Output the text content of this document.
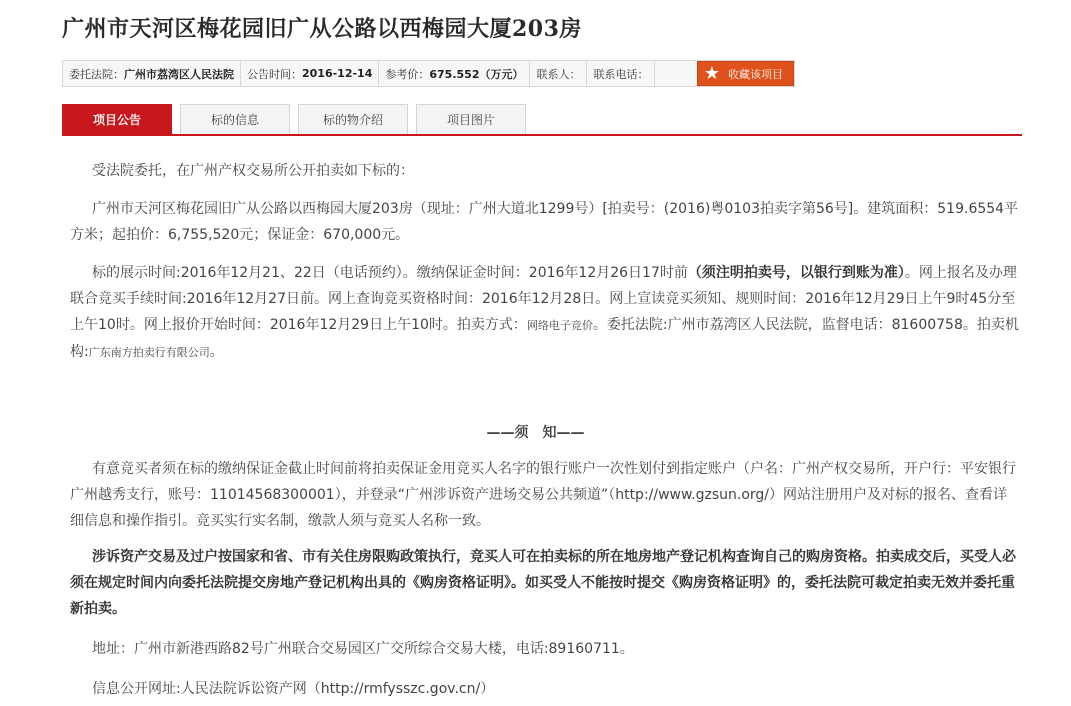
广州市天河区梅花园旧广从公路以西梅园大厦203房
委托法院： 广州市荔湾区人民法院 公告时间： 2016-12-14 参考价： 675.552（万元） 联系人： 联系电话：	★ 收藏该项目
项目公告	标的信息	标的物介绍	项目图片

受法院委托，在广州产权交易所公开拍卖如下标的：

广州市天河区梅花园旧广从公路以西梅园大厦203房（现址：广州大道北1299号）[拍卖号：(2016)粤0103拍卖字第56号]。建筑面积：519.6554平方米；起拍价：6,755,520元；保证金：670,000元。

标的展示时间:2016年12月21、22日（电话预约）。缴纳保证金时间：2016年12月26日17时前（须注明拍卖号，以银行到账为准）。网上报名及办理联合竞买手续时间:2016年12月27日前。网上查询竞买资格时间：2016年12月28日。网上宣读竞买须知、规则时间：2016年12月29日上午9时45分至上午10时。网上报价开始时间：2016年12月29日上午10时。拍卖方式：网络电子竞价。委托法院:广州市荔湾区人民法院，监督电话：81600758。拍卖机构:广东南方拍卖行有限公司。

——须　知——

有意竞买者须在标的缴纳保证金截止时间前将拍卖保证金用竞买人名字的银行账户一次性划付到指定账户（户名：广州产权交易所，开户行：平安银行广州越秀支行，账号：11014568300001），并登录“广州涉诉资产进场交易公共频道”（http://www.gzsun.org/）网站注册用户及对标的报名、查看详细信息和操作指引。竞买实行实名制，缴款人须与竞买人名称一致。

涉诉资产交易及过户按国家和省、市有关住房限购政策执行，竞买人可在拍卖标的所在地房地产登记机构查询自己的购房资格。拍卖成交后，买受人必须在规定时间内向委托法院提交房地产登记机构出具的《购房资格证明》。如买受人不能按时提交《购房资格证明》的，委托法院可裁定拍卖无效并委托重新拍卖。

地址：广州市新港西路82号广州联合交易园区广交所综合交易大楼，电话:89160711。

信息公开网址:人民法院诉讼资产网（http://rmfysszc.gov.cn/）
